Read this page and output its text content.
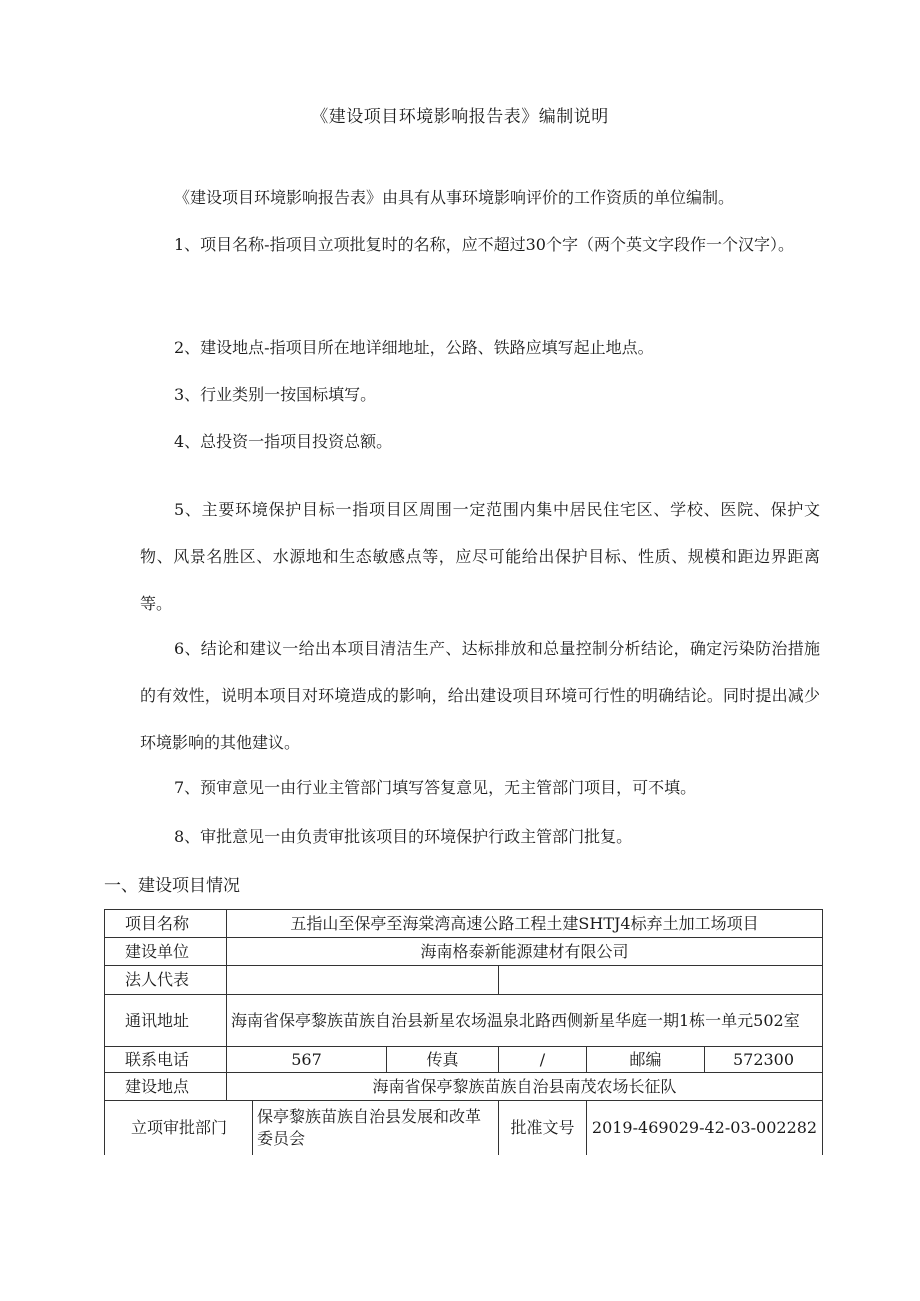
《建设项目环境影响报告表》编制说明

《建设项目环境影响报告表》由具有从事环境影响评价的工作资质的单位编制。

1、项目名称-指项目立项批复时的名称，应不超过30个字（两个英文字段作一个汉字）。

2、建设地点-指项目所在地详细地址，公路、铁路应填写起止地点。

3、行业类别一按国标填写。

4、总投资一指项目投资总额。

5、主要环境保护目标一指项目区周围一定范围内集中居民住宅区、学校、医院、保护文物、风景名胜区、水源地和生态敏感点等，应尽可能给出保护目标、性质、规模和距边界距离等。

6、结论和建议一给出本项目清洁生产、达标排放和总量控制分析结论，确定污染防治措施的有效性，说明本项目对环境造成的影响，给出建设项目环境可行性的明确结论。同时提出减少环境影响的其他建议。

7、预审意见一由行业主管部门填写答复意见，无主管部门项目，可不填。

8、审批意见一由负责审批该项目的环境保护行政主管部门批复。

一、建设项目情况

项目名称	五指山至保亭至海棠湾高速公路工程土建SHTJ4标弃土加工场项目					
建设单位	海南格泰新能源建材有限公司					
法人代表						
通讯地址	海南省保亭黎族苗族自治县新星农场温泉北路西侧新星华庭一期1栋一单元502室					
联系电话	567		传真	/	邮编	572300
建设地点	海南省保亭黎族苗族自治县南茂农场长征队					
立项审批部门		保亭黎族苗族自治县发展和改革委员会		批准文号	2019-469029-42-03-002282	
